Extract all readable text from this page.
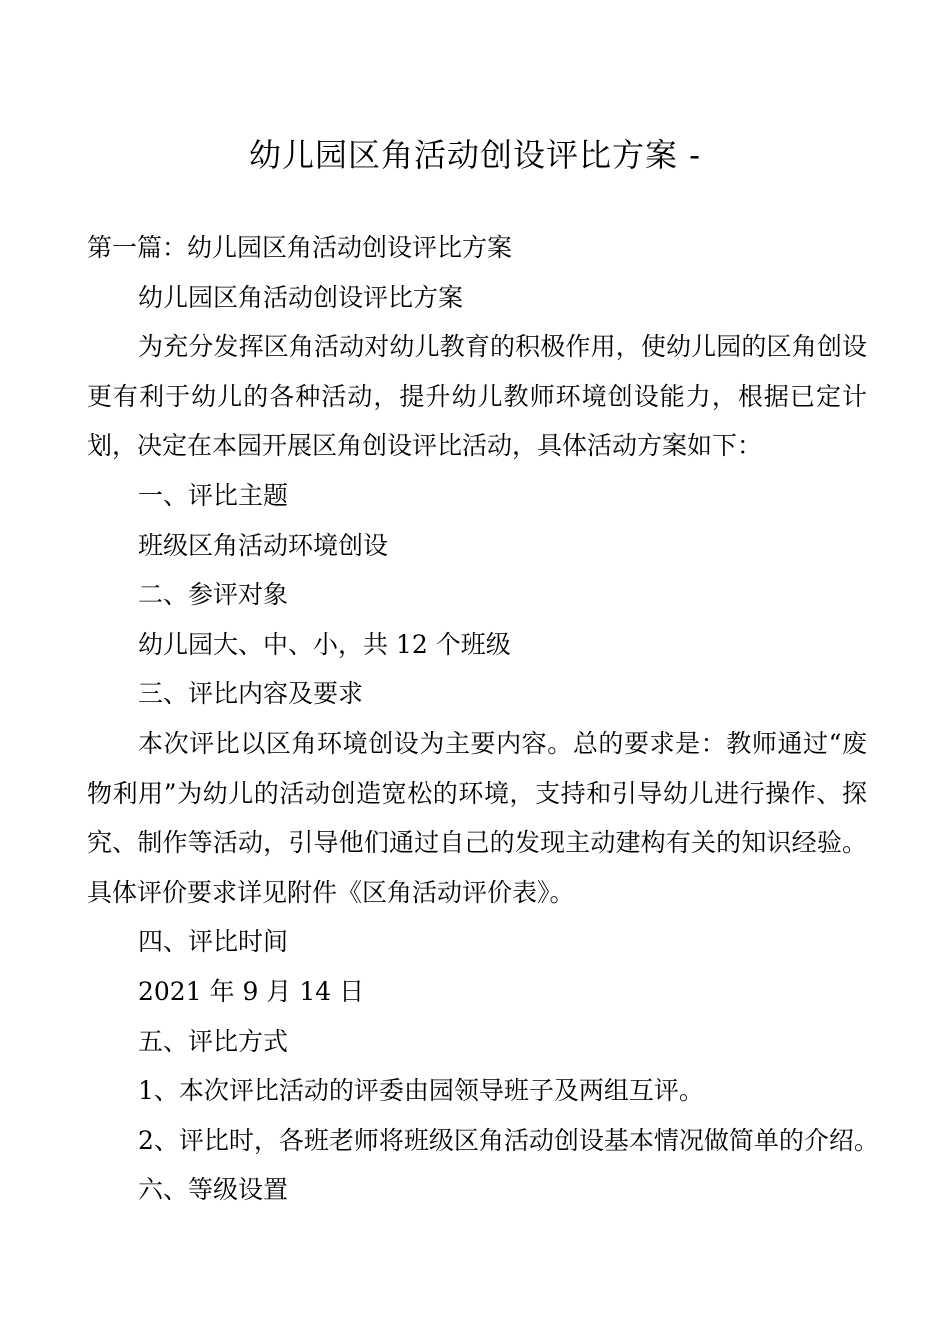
幼儿园区角活动创设评比方案 -

第一篇：幼儿园区角活动创设评比方案

幼儿园区角活动创设评比方案

为充分发挥区角活动对幼儿教育的积极作用，使幼儿园的区角创设更有利于幼儿的各种活动，提升幼儿教师环境创设能力，根据已定计划，决定在本园开展区角创设评比活动，具体活动方案如下：

一、评比主题

班级区角活动环境创设

二、参评对象

幼儿园大、中、小，共 12 个班级

三、评比内容及要求

本次评比以区角环境创设为主要内容。总的要求是：教师通过“废物利用”为幼儿的活动创造宽松的环境，支持和引导幼儿进行操作、探究、制作等活动，引导他们通过自己的发现主动建构有关的知识经验。具体评价要求详见附件《区角活动评价表》。

四、评比时间

2021 年 9 月 14 日

五、评比方式

1、本次评比活动的评委由园领导班子及两组互评。

2、评比时，各班老师将班级区角活动创设基本情况做简单的介绍。

六、等级设置
